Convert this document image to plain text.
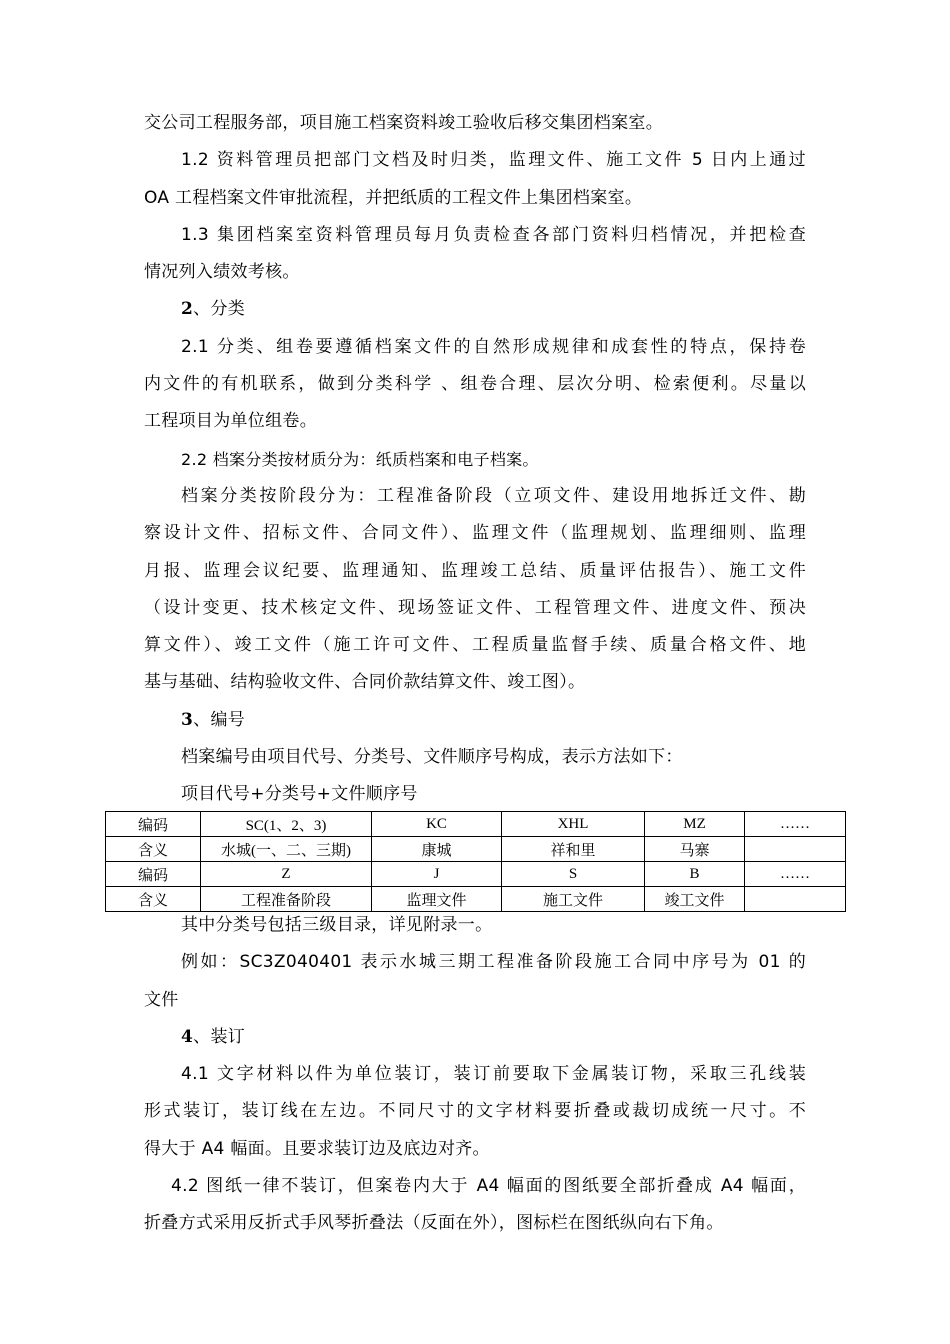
交公司工程服务部，项目施工档案资料竣工验收后移交集团档案室。

1.2 资料管理员把部门文档及时归类，监理文件、施工文件 5 日内上通过

OA 工程档案文件审批流程，并把纸质的工程文件上集团档案室。

1.3 集团档案室资料管理员每月负责检查各部门资料归档情况，并把检查

情况列入绩效考核。

2、分类

2.1 分类、组卷要遵循档案文件的自然形成规律和成套性的特点，保持卷

内文件的有机联系，做到分类科学 、组卷合理、层次分明、检索便利。尽量以

工程项目为单位组卷。

2.2 档案分类按材质分为：纸质档案和电子档案。

档案分类按阶段分为：工程准备阶段（立项文件、建设用地拆迁文件、勘

察设计文件、招标文件、合同文件）、监理文件（监理规划、监理细则、监理

月报、监理会议纪要、监理通知、监理竣工总结、质量评估报告）、施工文件

（设计变更、技术核定文件、现场签证文件、工程管理文件、进度文件、预决

算文件）、竣工文件（施工许可文件、工程质量监督手续、质量合格文件、地

基与基础、结构验收文件、合同价款结算文件、竣工图）。

3、编号

档案编号由项目代号、分类号、文件顺序号构成，表示方法如下：

项目代号+分类号+文件顺序号

编码	SC(1、2、3)	KC	XHL	MZ	……
含义	水城(一、二、三期)	康城	祥和里	马寨	
编码	Z	J	S	B	……
含义	工程准备阶段	监理文件	施工文件	竣工文件	

其中分类号包括三级目录，详见附录一。

例如：SC3Z040401 表示水城三期工程准备阶段施工合同中序号为 01 的

文件

4、装订

4.1 文字材料以件为单位装订，装订前要取下金属装订物，采取三孔线装

形式装订，装订线在左边。不同尺寸的文字材料要折叠或裁切成统一尺寸。不

得大于 A4 幅面。且要求装订边及底边对齐。

4.2 图纸一律不装订，但案卷内大于 A4 幅面的图纸要全部折叠成 A4 幅面，

折叠方式采用反折式手风琴折叠法（反面在外），图标栏在图纸纵向右下角。
